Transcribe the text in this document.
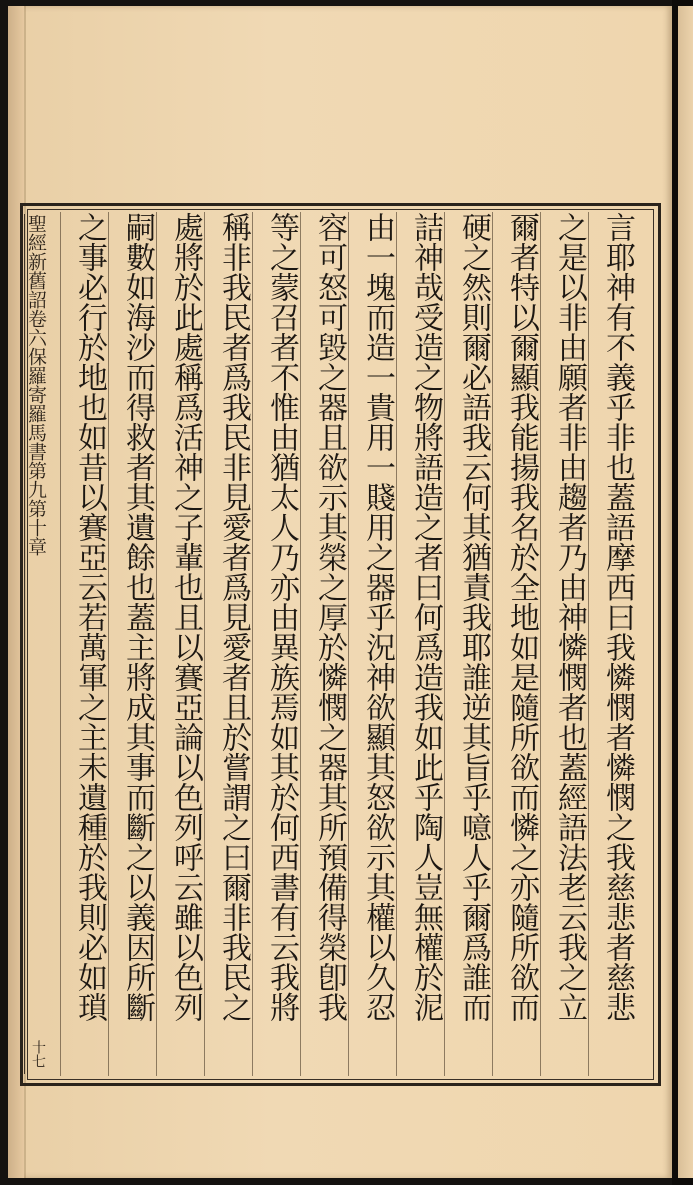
聖經新舊詔卷六保羅寄羅馬書第九第十章	言耶神有不義乎非也蓋語摩西曰我憐憫者憐憫之我慈悲者慈悲
之是以非由願者非由趨者乃由神憐憫者也蓋經語法老云我之立
爾者特以爾顯我能揚我名於全地如是隨所欲而憐之亦隨所欲而
硬之然則爾必語我云何其猶責我耶誰逆其旨乎噫人乎爾爲誰而
詰神哉受造之物將語造之者曰何爲造我如此乎陶人豈無權於泥
由一塊而造一貴用一賤用之器乎況神欲顯其怒欲示其權以久忍
容可怒可毀之器且欲示其榮之厚於憐憫之器其所預備得榮卽我
等之蒙召者不惟由猶太人乃亦由異族焉如其於何西書有云我將
稱非我民者爲我民非見愛者爲見愛者且於嘗謂之曰爾非我民之
處將於此處稱爲活神之子輩也且以賽亞論以色列呼云雖以色列
嗣數如海沙而得救者其遺餘也蓋主將成其事而斷之以義因所斷
之事必行於地也如昔以賽亞云若萬軍之主未遺種於我則必如瑣
十七
